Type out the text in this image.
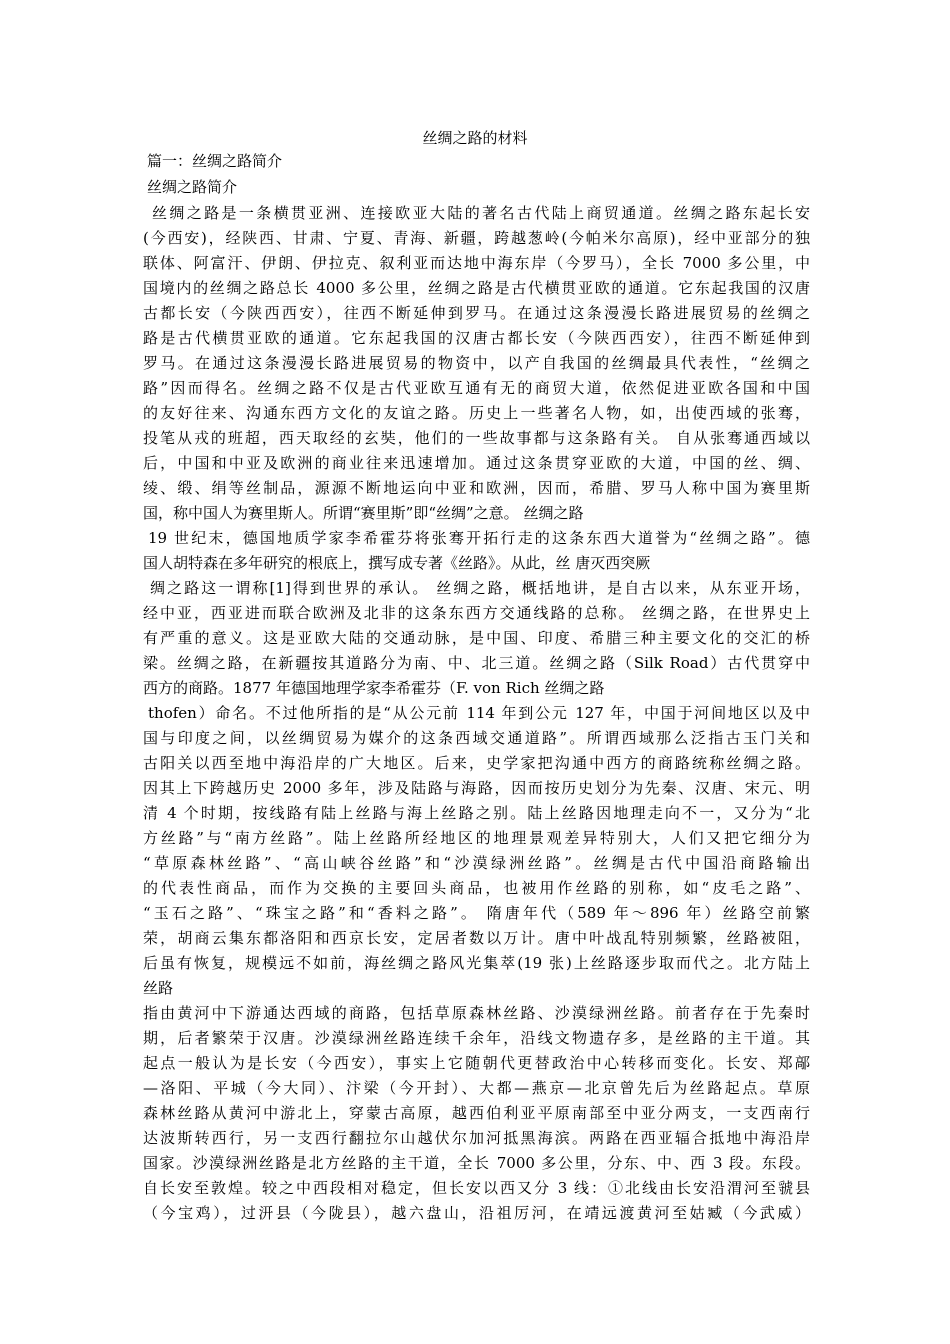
丝绸之路的材料
篇一：丝绸之路简介
丝绸之路简介
丝绸之路是一条横贯亚洲、连接欧亚大陆的著名古代陆上商贸通道。丝绸之路东起长安
(今西安)，经陕西、甘肃、宁夏、青海、新疆，跨越葱岭(今帕米尔高原)，经中亚部分的独
联体、阿富汗、伊朗、伊拉克、叙利亚而达地中海东岸（今罗马），全长 7000 多公里，中
国境内的丝绸之路总长 4000 多公里，丝绸之路是古代横贯亚欧的通道。它东起我国的汉唐
古都长安（今陕西西安），往西不断延伸到罗马。在通过这条漫漫长路进展贸易的丝绸之
路是古代横贯亚欧的通道。它东起我国的汉唐古都长安（今陕西西安），往西不断延伸到
罗马。在通过这条漫漫长路进展贸易的物资中，以产自我国的丝绸最具代表性，“丝绸之
路”因而得名。丝绸之路不仅是古代亚欧互通有无的商贸大道，依然促进亚欧各国和中国
的友好往来、沟通东西方文化的友谊之路。历史上一些著名人物，如，出使西域的张骞，
投笔从戎的班超，西天取经的玄奘，他们的一些故事都与这条路有关。 自从张骞通西域以
后，中国和中亚及欧洲的商业往来迅速增加。通过这条贯穿亚欧的大道，中国的丝、绸、
绫、缎、绢等丝制品，源源不断地运向中亚和欧洲，因而，希腊、罗马人称中国为赛里斯
国，称中国人为赛里斯人。所谓“赛里斯”即“丝绸”之意。 丝绸之路
19 世纪末，德国地质学家李希霍芬将张骞开拓行走的这条东西大道誉为“丝绸之路”。德
国人胡特森在多年研究的根底上，撰写成专著《丝路》。从此，丝 唐灭西突厥
绸之路这一谓称[1]得到世界的承认。 丝绸之路，概括地讲，是自古以来，从东亚开场，
经中亚，西亚进而联合欧洲及北非的这条东西方交通线路的总称。 丝绸之路，在世界史上
有严重的意义。这是亚欧大陆的交通动脉，是中国、印度、希腊三种主要文化的交汇的桥
梁。丝绸之路，在新疆按其道路分为南、中、北三道。丝绸之路（Silk Road）古代贯穿中
西方的商路。1877 年德国地理学家李希霍芬（F. von Rich 丝绸之路
thofen）命名。不过他所指的是“从公元前 114 年到公元 127 年，中国于河间地区以及中
国与印度之间，以丝绸贸易为媒介的这条西域交通道路”。所谓西域那么泛指古玉门关和
古阳关以西至地中海沿岸的广大地区。后来，史学家把沟通中西方的商路统称丝绸之路。
因其上下跨越历史 2000 多年，涉及陆路与海路，因而按历史划分为先秦、汉唐、宋元、明
清 4 个时期，按线路有陆上丝路与海上丝路之别。陆上丝路因地理走向不一，又分为“北
方丝路”与“南方丝路”。陆上丝路所经地区的地理景观差异特别大，人们又把它细分为
“草原森林丝路”、“高山峡谷丝路”和“沙漠绿洲丝路”。丝绸是古代中国沿商路输出
的代表性商品，而作为交换的主要回头商品，也被用作丝路的别称，如“皮毛之路”、
“玉石之路”、“珠宝之路”和“香料之路”。 隋唐年代（589 年～896 年）丝路空前繁
荣，胡商云集东都洛阳和西京长安，定居者数以万计。唐中叶战乱特别频繁，丝路被阻，
后虽有恢复，规模远不如前，海丝绸之路风光集萃(19 张)上丝路逐步取而代之。北方陆上
丝路
指由黄河中下游通达西域的商路，包括草原森林丝路、沙漠绿洲丝路。前者存在于先秦时
期，后者繁荣于汉唐。沙漠绿洲丝路连续千余年，沿线文物遗存多，是丝路的主干道。其
起点一般认为是长安（今西安），事实上它随朝代更替政治中心转移而变化。长安、郑鄗
—洛阳、平城（今大同）、汴梁（今开封）、大都—燕京—北京曾先后为丝路起点。草原
森林丝路从黄河中游北上，穿蒙古高原，越西伯利亚平原南部至中亚分两支，一支西南行
达波斯转西行，另一支西行翻拉尔山越伏尔加河抵黑海滨。两路在西亚辐合抵地中海沿岸
国家。沙漠绿洲丝路是北方丝路的主干道，全长 7000 多公里，分东、中、西 3 段。东段。
自长安至敦煌。较之中西段相对稳定，但长安以西又分 3 线：①北线由长安沿渭河至虢县
（今宝鸡），过汧县（今陇县），越六盘山，沿祖厉河，在靖远渡黄河至姑臧（今武威）
